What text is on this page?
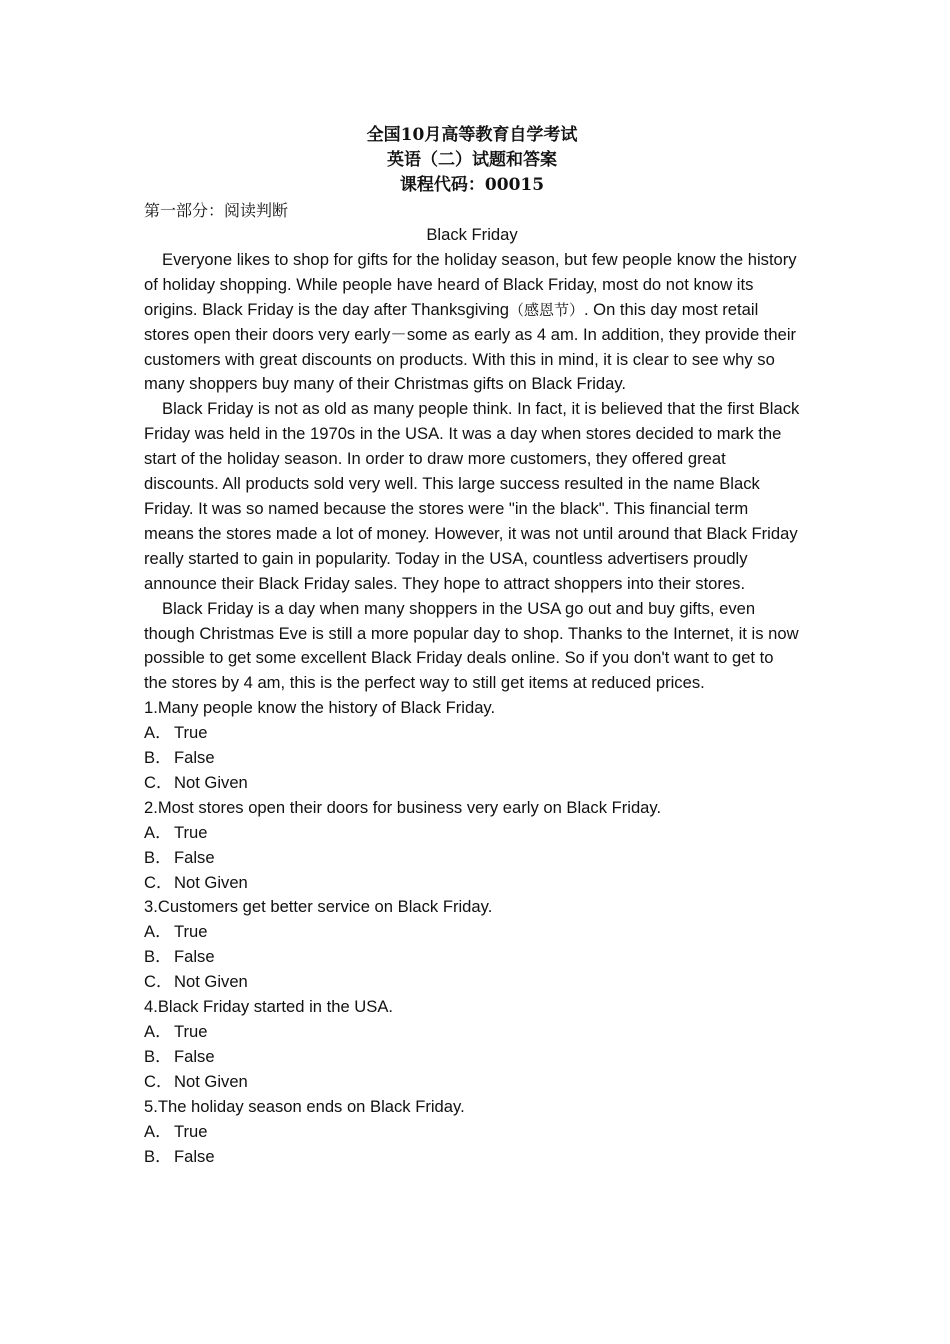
全国10月高等教育自学考试
英语（二）试题和答案
课程代码：00015
第一部分：阅读判断
Black Friday

Everyone likes to shop for gifts for the holiday season, but few people know the history of holiday shopping. While people have heard of Black Friday, most do not know its origins. Black Friday is the day after Thanksgiving（感恩节）. On this day most retail stores open their doors very early－some as early as 4 am. In addition, they provide their customers with great discounts on products. With this in mind, it is clear to see why so many shoppers buy many of their Christmas gifts on Black Friday.

Black Friday is not as old as many people think. In fact, it is believed that the first Black Friday was held in the 1970s in the USA. It was a day when stores decided to mark the start of the holiday season. In order to draw more customers, they offered great discounts. All products sold very well. This large success resulted in the name Black Friday. It was so named because the stores were "in the black". This financial term means the stores made a lot of money. However, it was not until around that Black Friday really started to gain in popularity. Today in the USA, countless advertisers proudly announce their Black Friday sales. They hope to attract shoppers into their stores.

Black Friday is a day when many shoppers in the USA go out and buy gifts, even though Christmas Eve is still a more popular day to shop. Thanks to the Internet, it is now possible to get some excellent Black Friday deals online. So if you don't want to get to the stores by 4 am, this is the perfect way to still get items at reduced prices.

1.Many people know the history of Black Friday.

A． True

B． False

C．Not Given

2.Most stores open their doors for business very early on Black Friday.

A． True

B． False

C．Not Given

3.Customers get better service on Black Friday.

A． True

B． False

C．Not Given

4.Black Friday started in the USA.

A． True

B． False

C．Not Given

5.The holiday season ends on Black Friday.

A． True

B． False
